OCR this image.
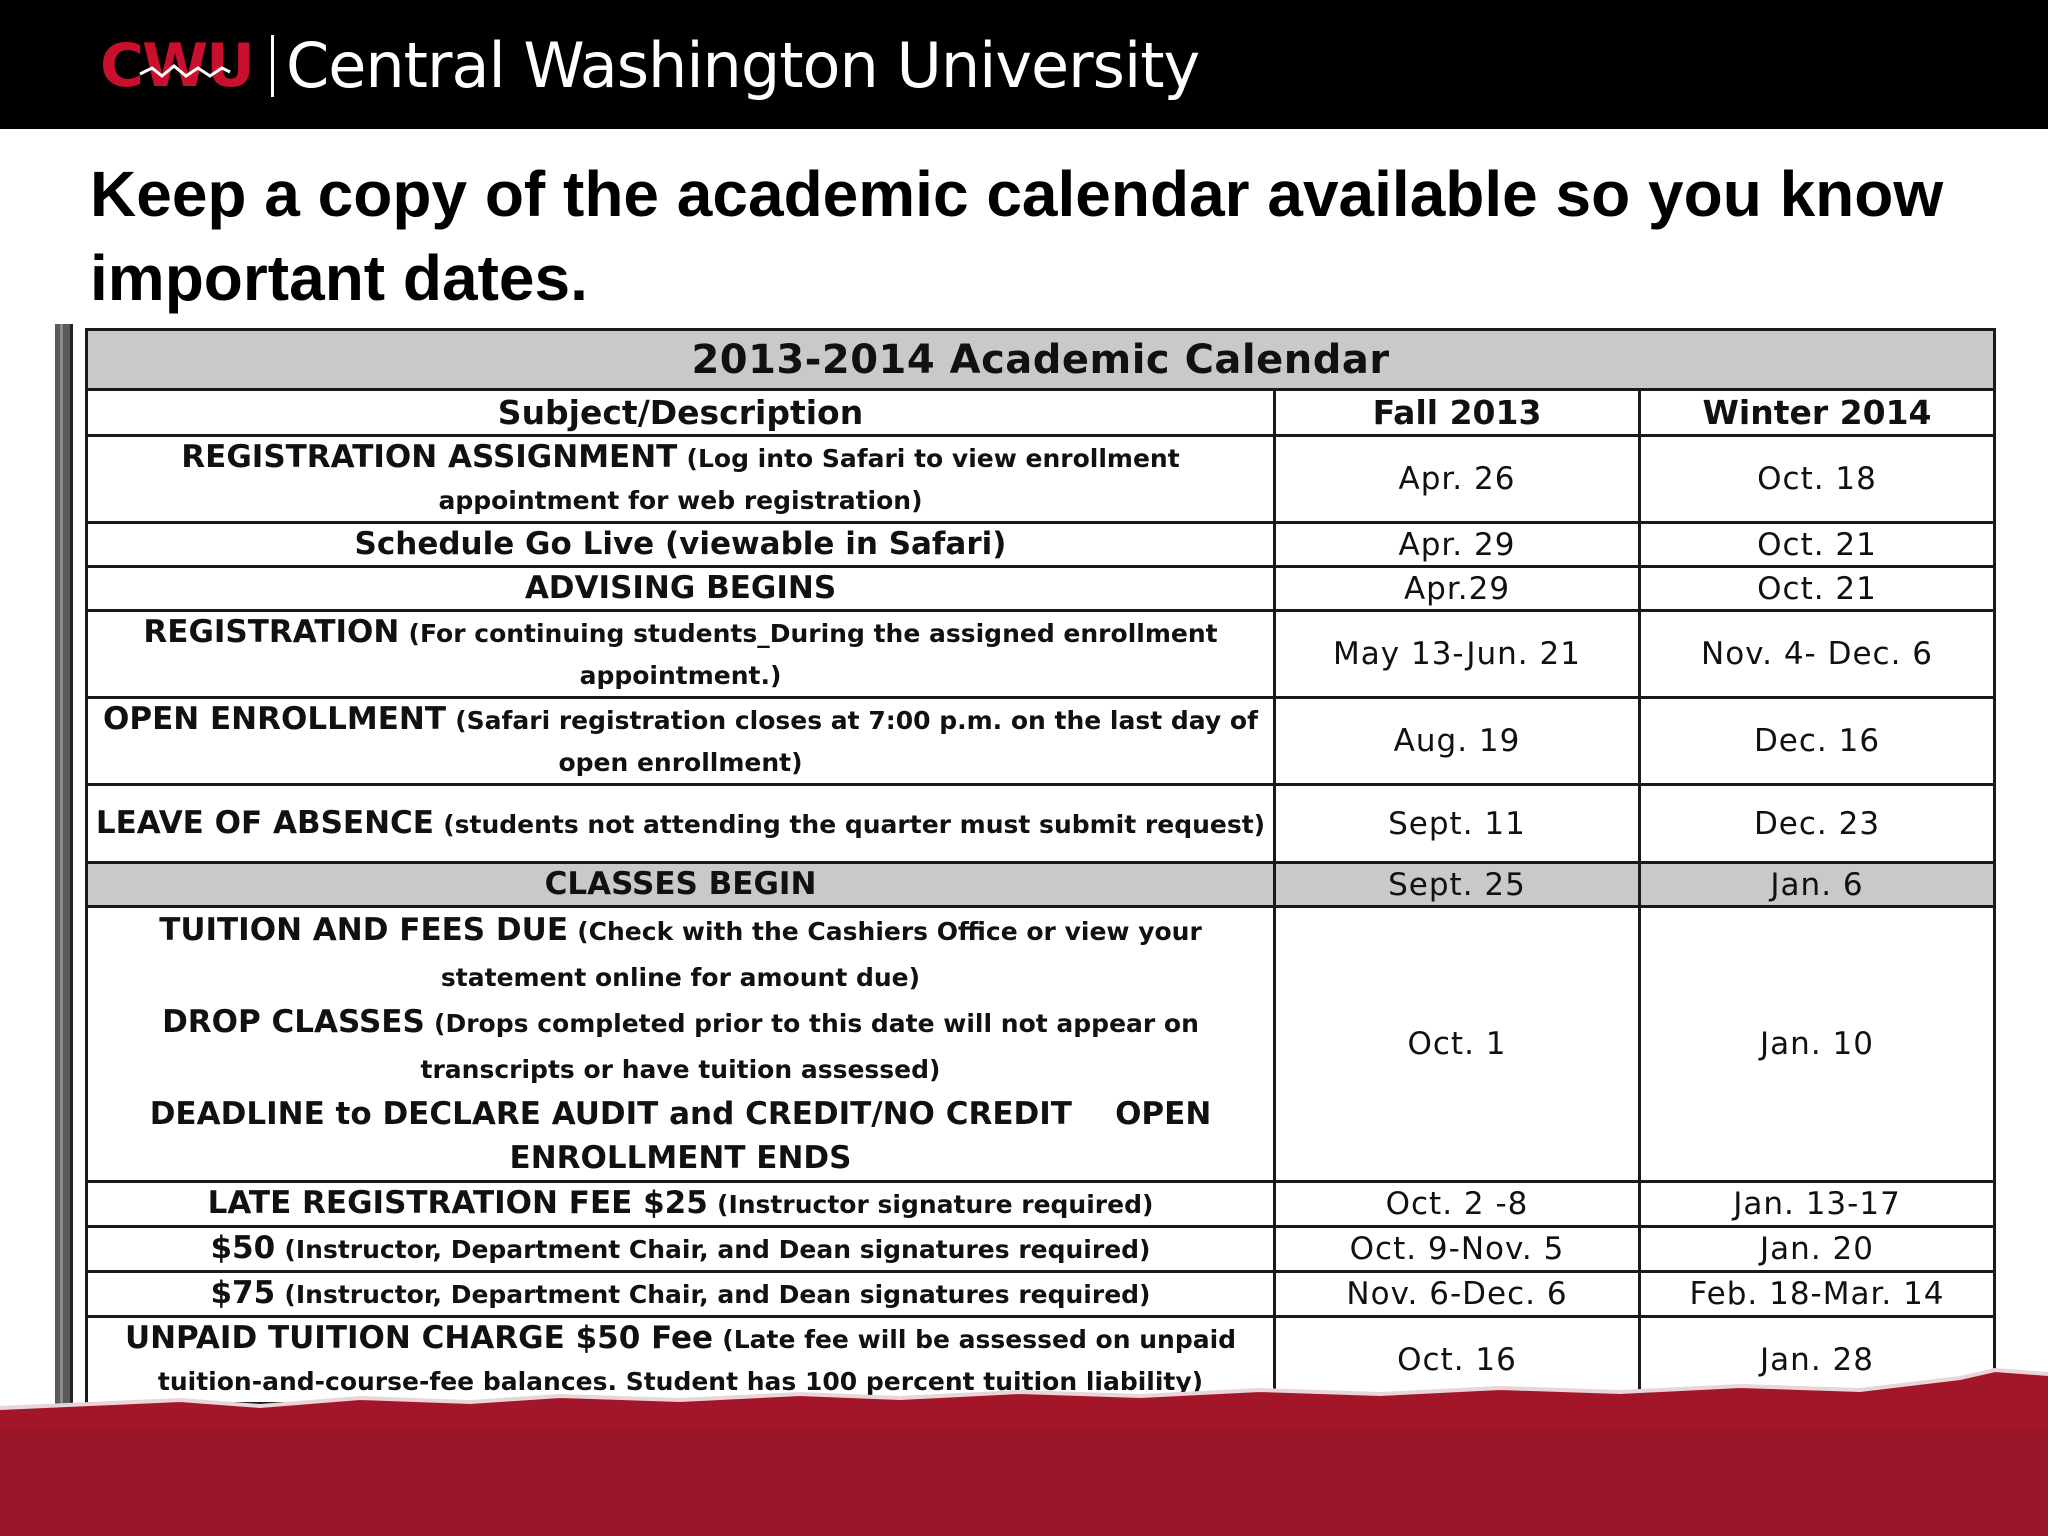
CWU Central Washington University
Keep a copy of the academic calendar available so you know important dates.
2013-2014 Academic Calendar		
Subject/Description	Fall 2013	Winter 2014
REGISTRATION ASSIGNMENT (Log into Safari to view enrollment appointment for web registration)	Apr. 26	Oct. 18
Schedule Go Live (viewable in Safari)	Apr. 29	Oct. 21
ADVISING BEGINS	Apr.29	Oct. 21
REGISTRATION (For continuing students_During the assigned enrollment appointment.)	May 13-Jun. 21	Nov. 4- Dec. 6
OPEN ENROLLMENT (Safari registration closes at 7:00 p.m. on the last day of open enrollment)	Aug. 19	Dec. 16
LEAVE OF ABSENCE (students not attending the quarter must submit request)	Sept. 11	Dec. 23
CLASSES BEGIN	Sept. 25	Jan. 6
TUITION AND FEES DUE (Check with the Cashiers Office or view your statement online for amount due)
DROP CLASSES (Drops completed prior to this date will not appear on transcripts or have tuition assessed)
DEADLINE to DECLARE AUDIT and CREDIT/NO CREDIT    OPEN ENROLLMENT ENDS	Oct. 1	Jan. 10
LATE REGISTRATION FEE $25 (Instructor signature required)	Oct. 2 -8	Jan. 13-17
$50 (Instructor, Department Chair, and Dean signatures required)	Oct. 9-Nov. 5	Jan. 20
$75 (Instructor, Department Chair, and Dean signatures required)	Nov. 6-Dec. 6	Feb. 18-Mar. 14
UNPAID TUITION CHARGE $50 Fee (Late fee will be assessed on unpaid tuition-and-course-fee balances. Student has 100 percent tuition liability)	Oct. 16	Jan. 28
